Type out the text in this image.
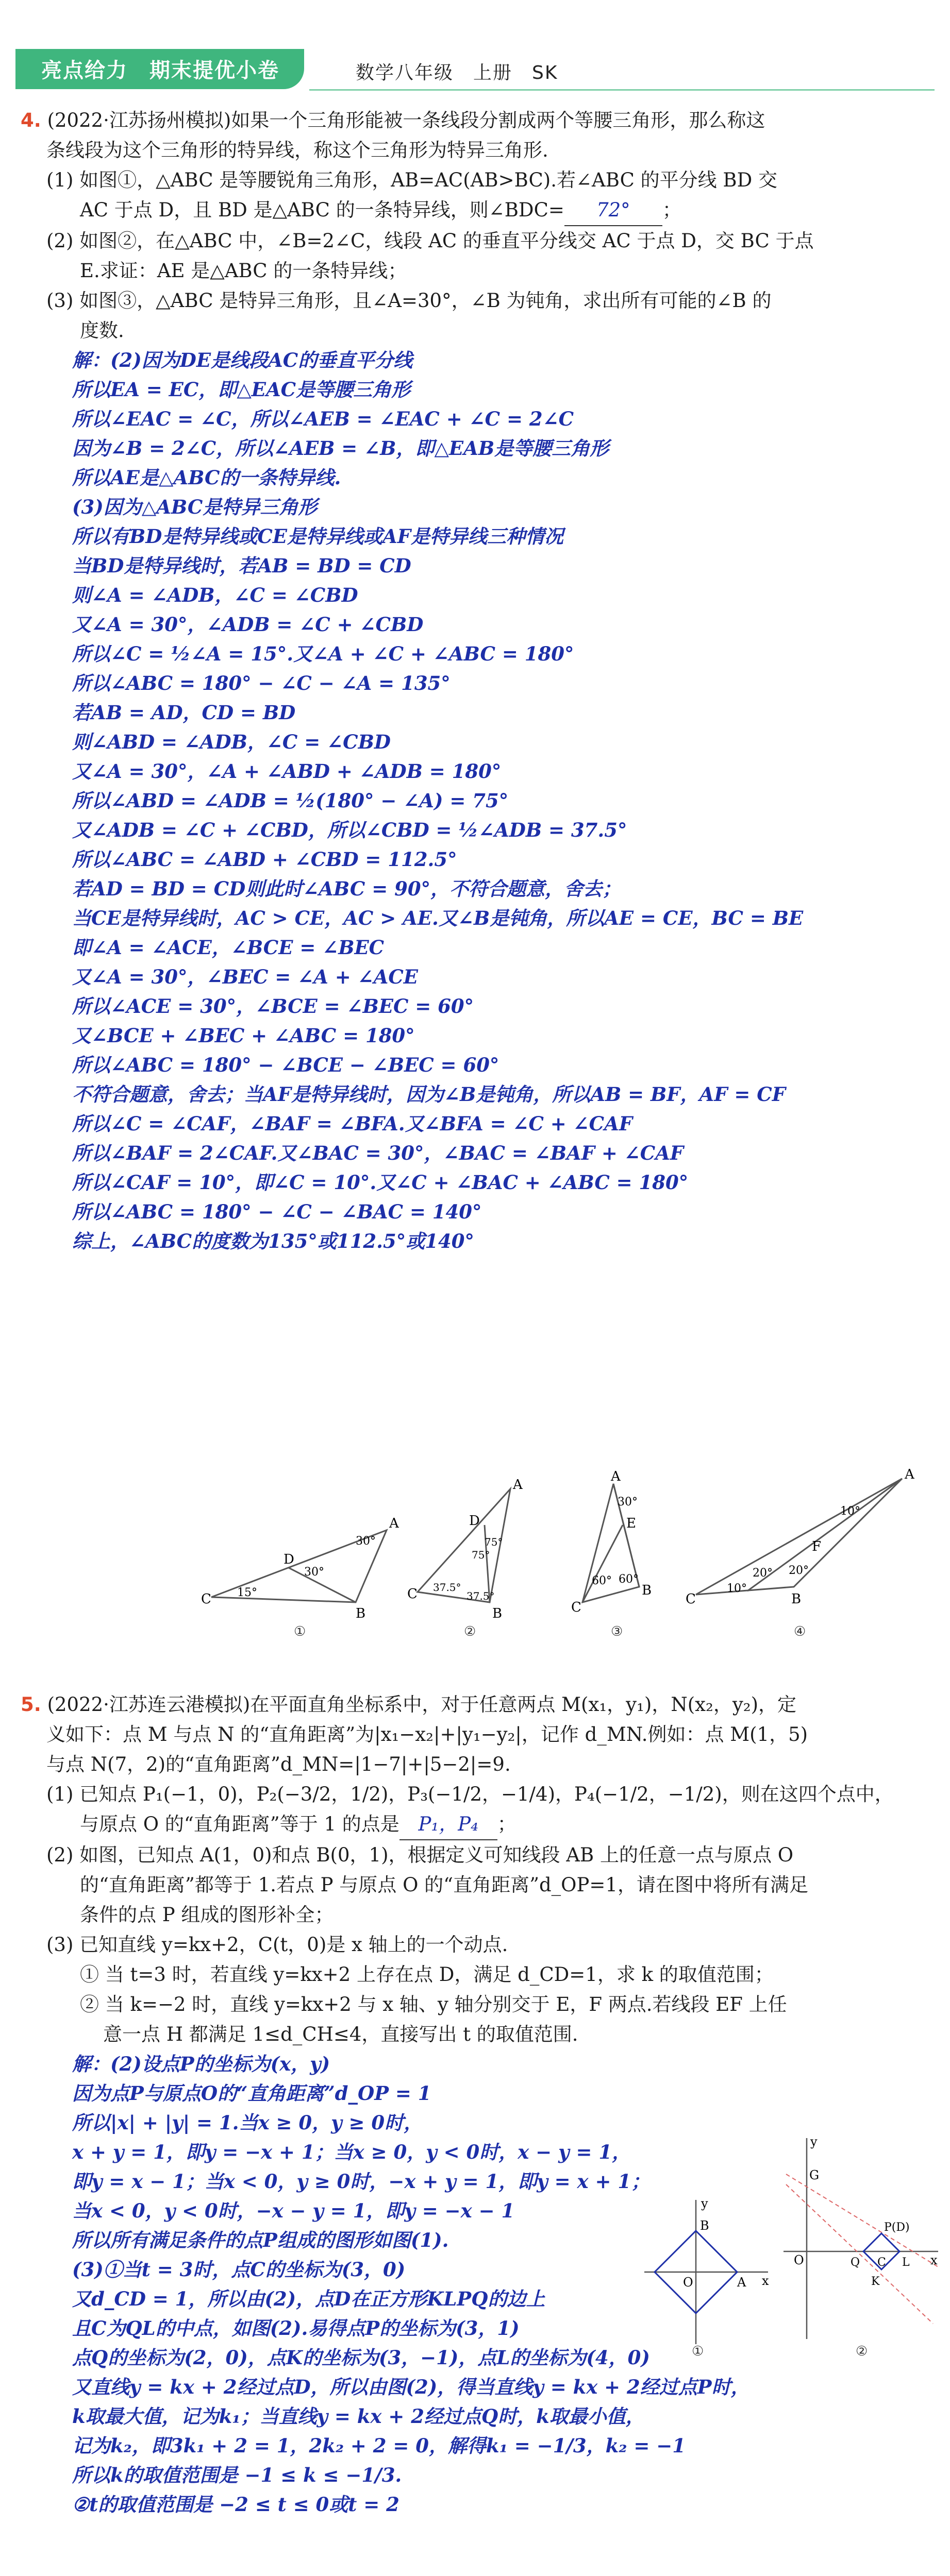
亮点给力　期末提优小卷	数学八年级　上册　SK

4. (2022·江苏扬州模拟)如果一个三角形能被一条线段分割成两个等腰三角形，那么称这

条线段为这个三角形的特异线，称这个三角形为特异三角形.

(1) 如图①，△ABC 是等腰锐角三角形，AB=AC(AB>BC).若∠ABC 的平分线 BD 交

AC 于点 D，且 BD 是△ABC 的一条特异线，则∠BDC= 72° ；

(2) 如图②，在△ABC 中，∠B=2∠C，线段 AC 的垂直平分线交 AC 于点 D，交 BC 于点

E.求证：AE 是△ABC 的一条特异线；

(3) 如图③，△ABC 是特异三角形，且∠A=30°，∠B 为钝角，求出所有可能的∠B 的

度数.

解：(2)因为DE是线段AC的垂直平分线

所以EA = EC，即△EAC是等腰三角形

所以∠EAC = ∠C，所以∠AEB = ∠EAC + ∠C = 2∠C

因为∠B = 2∠C，所以∠AEB = ∠B，即△EAB是等腰三角形

所以AE是△ABC的一条特异线.

(3)因为△ABC是特异三角形

所以有BD是特异线或CE是特异线或AF是特异线三种情况

当BD是特异线时，若AB = BD = CD

则∠A = ∠ADB，∠C = ∠CBD

又∠A = 30°，∠ADB = ∠C + ∠CBD

所以∠C = ½∠A = 15°.又∠A + ∠C + ∠ABC = 180°

所以∠ABC = 180° − ∠C − ∠A = 135°

若AB = AD，CD = BD

则∠ABD = ∠ADB，∠C = ∠CBD

又∠A = 30°，∠A + ∠ABD + ∠ADB = 180°

所以∠ABD = ∠ADB = ½(180° − ∠A) = 75°

又∠ADB = ∠C + ∠CBD，所以∠CBD = ½∠ADB = 37.5°

所以∠ABC = ∠ABD + ∠CBD = 112.5°

若AD = BD = CD则此时∠ABC = 90°，不符合题意，舍去；

当CE是特异线时，AC > CE，AC > AE.又∠B是钝角，所以AE = CE，BC = BE

即∠A = ∠ACE，∠BCE = ∠BEC

又∠A = 30°，∠BEC = ∠A + ∠ACE

所以∠ACE = 30°，∠BCE = ∠BEC = 60°

又∠BCE + ∠BEC + ∠ABC = 180°

所以∠ABC = 180° − ∠BCE − ∠BEC = 60°

不符合题意，舍去；当AF是特异线时，因为∠B是钝角，所以AB = BF，AF = CF

所以∠C = ∠CAF，∠BAF = ∠BFA.又∠BFA = ∠C + ∠CAF

所以∠BAF = 2∠CAF.又∠BAC = 30°，∠BAC = ∠BAF + ∠CAF

所以∠CAF = 10°，即∠C = 10°.又∠C + ∠BAC + ∠ABC = 180°

所以∠ABC = 180° − ∠C − ∠BAC = 140°

综上，∠ABC的度数为135°或112.5°或140°

A
B
C
D
15°
30°
30°
①
A
B
C
D
75°
75°
37.5°
37.5°
②
A
B
C
E
30°
60° 60°
③
A
B
C
F
10°
10°
20° 20°
④

5. (2022·江苏连云港模拟)在平面直角坐标系中，对于任意两点 M(x₁，y₁)，N(x₂，y₂)，定

义如下：点 M 与点 N 的“直角距离”为|x₁−x₂|+|y₁−y₂|，记作 d_MN.例如：点 M(1，5)

与点 N(7，2)的“直角距离”d_MN=|1−7|+|5−2|=9.

(1) 已知点 P₁(−1，0)，P₂(−3/2，1/2)，P₃(−1/2，−1/4)，P₄(−1/2，−1/2)，则在这四个点中，

与原点 O 的“直角距离”等于 1 的点是 P₁，P₄ ；

(2) 如图，已知点 A(1，0)和点 B(0，1)，根据定义可知线段 AB 上的任意一点与原点 O

的“直角距离”都等于 1.若点 P 与原点 O 的“直角距离”d_OP=1，请在图中将所有满足

条件的点 P 组成的图形补全；

(3) 已知直线 y=kx+2，C(t，0)是 x 轴上的一个动点.

① 当 t=3 时，若直线 y=kx+2 上存在点 D，满足 d_CD=1，求 k 的取值范围；

② 当 k=−2 时，直线 y=kx+2 与 x 轴、y 轴分别交于 E，F 两点.若线段 EF 上任

意一点 H 都满足 1≤d_CH≤4，直接写出 t 的取值范围.

解：(2)设点P的坐标为(x，y)

因为点P与原点O的“直角距离”d_OP = 1

所以|x| + |y| = 1.当x ≥ 0，y ≥ 0时，

x + y = 1，即y = −x + 1；当x ≥ 0，y < 0时，x − y = 1，

即y = x − 1；当x < 0，y ≥ 0时，−x + y = 1，即y = x + 1；

当x < 0，y < 0时，−x − y = 1，即y = −x − 1

所以所有满足条件的点P组成的图形如图(1).

(3)①当t = 3时，点C的坐标为(3，0)

又d_CD = 1，所以由(2)，点D在正方形KLPQ的边上

且C为QL的中点，如图(2).易得点P的坐标为(3，1)

点Q的坐标为(2，0)，点K的坐标为(3，−1)，点L的坐标为(4，0)

又直线y = kx + 2经过点D，所以由图(2)，得当直线y = kx + 2经过点P时，

k取最大值，记为k₁；当直线y = kx + 2经过点Q时，k取最小值，

记为k₂，即3k₁ + 2 = 1，2k₂ + 2 = 0，解得k₁ = −1/3，k₂ = −1

所以k的取值范围是 −1 ≤ k ≤ −1/3.

②t的取值范围是 −2 ≤ t ≤ 0或t = 2

y
x
O	A
B
①
y
x
O
G
P(D)
Q C L
K
②
